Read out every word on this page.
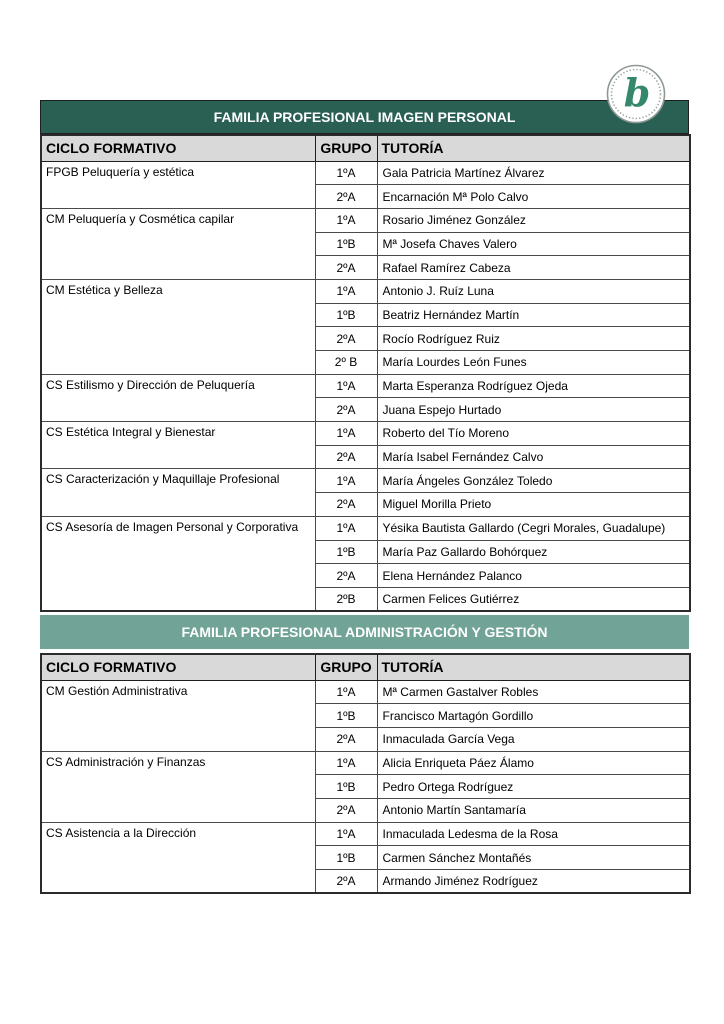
b
FAMILIA PROFESIONAL IMAGEN PERSONAL
CICLO FORMATIVO	GRUPO	TUTORÍA
FPGB Peluquería y estética	1ºA	Gala Patricia Martínez Álvarez
	2ºA	Encarnación Mª Polo Calvo
CM Peluquería y Cosmética capilar	1ºA	Rosario Jiménez González
	1ºB	Mª Josefa Chaves Valero
	2ºA	Rafael Ramírez Cabeza
CM Estética y Belleza	1ºA	Antonio J. Ruíz Luna
	1ºB	Beatriz Hernández Martín
	2ºA	Rocío Rodríguez Ruiz
	2º B	María Lourdes León Funes
CS Estilismo y Dirección de Peluquería	1ºA	Marta Esperanza Rodríguez Ojeda
	2ºA	Juana Espejo Hurtado
CS Estética Integral y Bienestar	1ºA	Roberto del Tío Moreno
	2ºA	María Isabel Fernández Calvo
CS Caracterización y Maquillaje Profesional	1ºA	María Ángeles González Toledo
	2ºA	Miguel Morilla Prieto
CS Asesoría de Imagen Personal y Corporativa	1ºA	Yésika Bautista Gallardo (Cegri Morales, Guadalupe)
	1ºB	María Paz Gallardo Bohórquez
	2ºA	Elena Hernández Palanco
	2ºB	Carmen Felices Gutiérrez
FAMILIA PROFESIONAL ADMINISTRACIÓN Y GESTIÓN
CICLO FORMATIVO	GRUPO	TUTORÍA
CM Gestión Administrativa	1ºA	Mª Carmen Gastalver Robles
	1ºB	Francisco Martagón Gordillo
	2ºA	Inmaculada García Vega
CS Administración y Finanzas	1ºA	Alicia Enriqueta Páez Álamo
	1ºB	Pedro Ortega Rodríguez
	2ºA	Antonio Martín Santamaría
CS Asistencia a la Dirección	1ºA	Inmaculada Ledesma de la Rosa
	1ºB	Carmen Sánchez Montañés
	2ºA	Armando Jiménez Rodríguez
